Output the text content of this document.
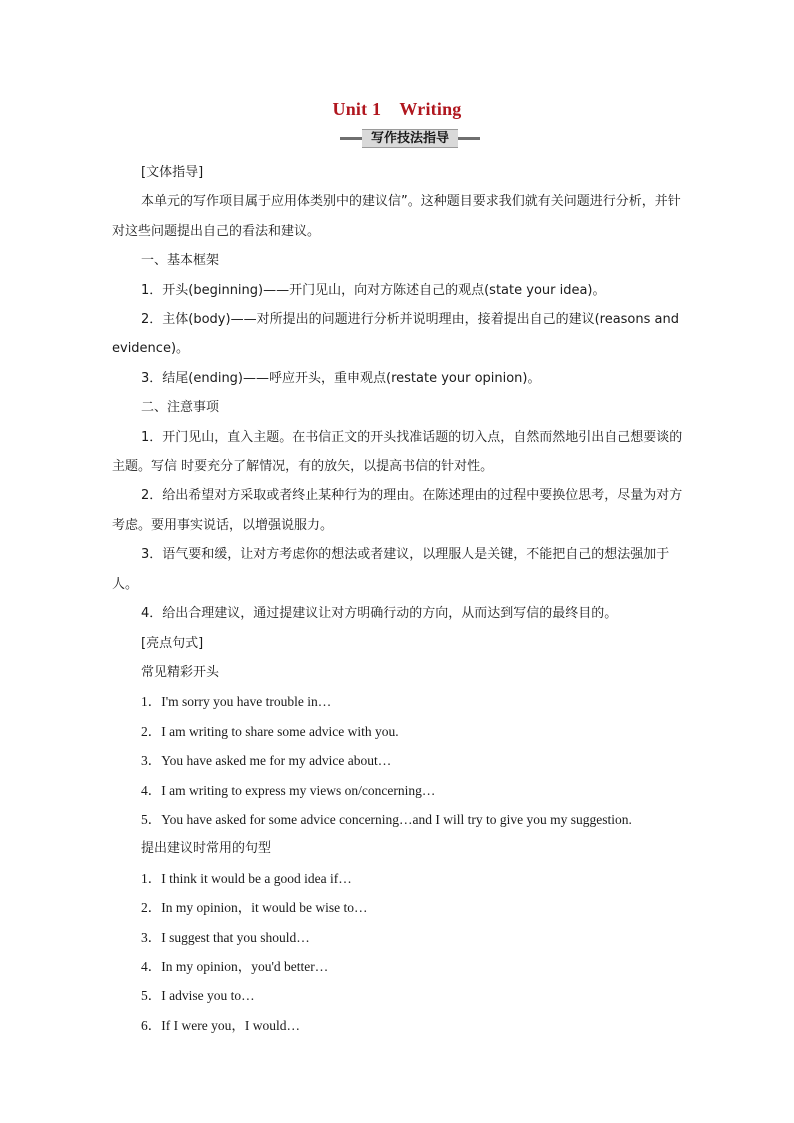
Unit 1　Writing
写作技法指导

[文体指导]

本单元的写作项目属于应用体类别中的建议信”。这种题目要求我们就有关问题进行分析，并针对这些问题提出自己的看法和建议。

一、基本框架

1．开头(beginning)——开门见山，向对方陈述自己的观点(state your idea)。

2．主体(body)——对所提出的问题进行分析并说明理由，接着提出自己的建议(reasons and evidence)。

3．结尾(ending)——呼应开头，重申观点(restate your opinion)。

二、注意事项

1．开门见山，直入主题。在书信正文的开头找准话题的切入点，自然而然地引出自己想要谈的主题。写信 时要充分了解情况，有的放矢，以提高书信的针对性。

2．给出希望对方采取或者终止某种行为的理由。在陈述理由的过程中要换位思考，尽量为对方考虑。要用事实说话，以增强说服力。

3．语气要和缓，让对方考虑你的想法或者建议，以理服人是关键，不能把自己的想法强加于人。

4．给出合理建议，通过提建议让对方明确行动的方向，从而达到写信的最终目的。

[亮点句式]

常见精彩开头

1．I'm sorry you have trouble in…

2．I am writing to share some advice with you.

3．You have asked me for my advice about…

4．I am writing to express my views on/concerning…

5．You have asked for some advice concerning…and I will try to give you my suggestion.

提出建议时常用的句型

1．I think it would be a good idea if…

2．In my opinion，it would be wise to…

3．I suggest that you should…

4．In my opinion，you'd better…

5．I advise you to…

6．If I were you，I would…
